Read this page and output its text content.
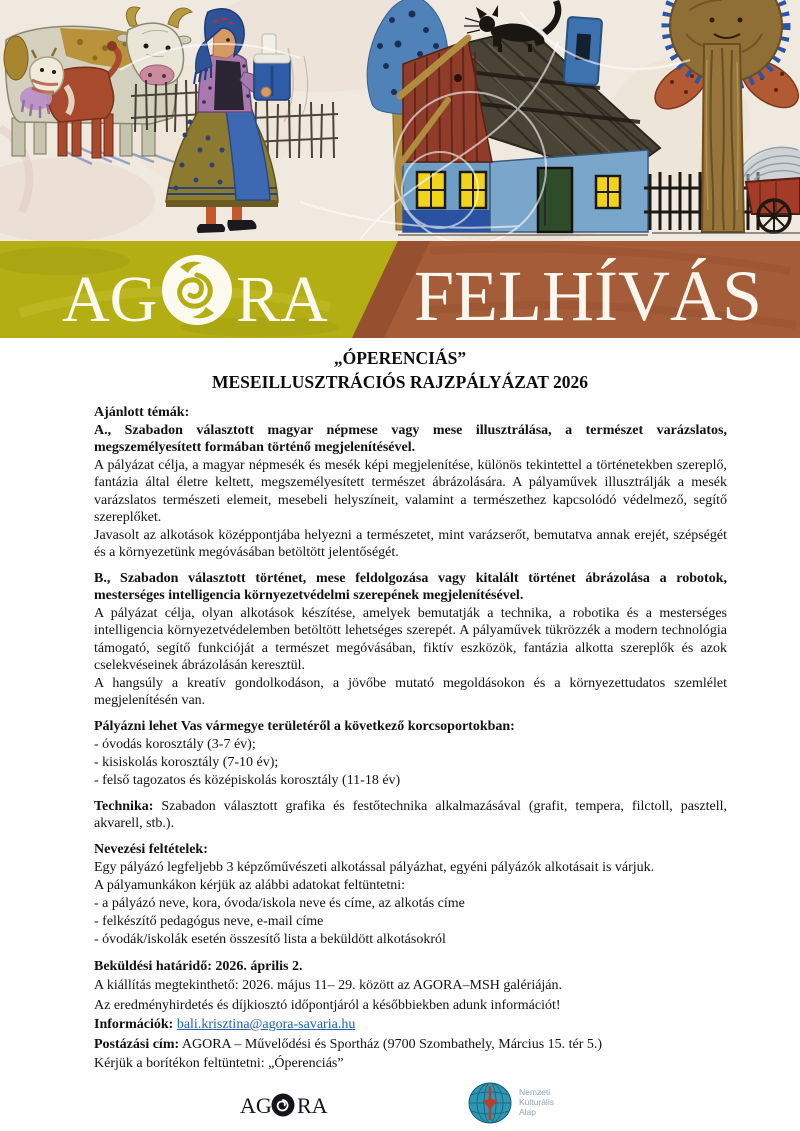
AG RA FELHÍVÁS
„ÓPERENCIÁS”
MESEILLUSZTRÁCIÓS RAJZPÁLYÁZAT 2026

Ajánlott témák:

A., Szabadon választott magyar népmese vagy mese illusztrálása, a természet varázslatos, megszemélyesített formában történő megjelenítésével.

A pályázat célja, a magyar népmesék és mesék képi megjelenítése, különös tekintettel a történetekben szereplő, fantázia által életre keltett, megszemélyesített természet ábrázolására. A pályaművek illusztrálják a mesék varázslatos természeti elemeit, mesebeli helyszíneit, valamint a természethez kapcsolódó védelmező, segítő szereplőket.

Javasolt az alkotások középpontjába helyezni a természetet, mint varázserőt, bemutatva annak erejét, szépségét és a környezetünk megóvásában betöltött jelentőségét.

B., Szabadon választott történet, mese feldolgozása vagy kitalált történet ábrázolása a robotok, mesterséges intelligencia környezetvédelmi szerepének megjelenítésével.

A pályázat célja, olyan alkotások készítése, amelyek bemutatják a technika, a robotika és a mesterséges intelligencia környezetvédelemben betöltött lehetséges szerepét. A pályaművek tükrözzék a modern technológia támogató, segítő funkcióját a természet megóvásában, fiktív eszközök, fantázia alkotta szereplők és azok cselekvéseinek ábrázolásán keresztül.

A hangsúly a kreatív gondolkodáson, a jövőbe mutató megoldásokon és a környezettudatos szemlélet megjelenítésén van.

Pályázni lehet Vas vármegye területéről a következő korcsoportokban:

- óvodás korosztály (3-7 év);

- kisiskolás korosztály (7-10 év);

- felső tagozatos és középiskolás korosztály (11-18 év)

Technika: Szabadon választott grafika és festőtechnika alkalmazásával (grafit, tempera, filctoll, pasztell, akvarell, stb.).

Nevezési feltételek:

Egy pályázó legfeljebb 3 képzőművészeti alkotással pályázhat, egyéni pályázók alkotásait is várjuk.

A pályamunkákon kérjük az alábbi adatokat feltüntetni:

- a pályázó neve, kora, óvoda/iskola neve és címe, az alkotás címe

- felkészítő pedagógus neve, e-mail címe

- óvodák/iskolák esetén összesítő lista a beküldött alkotásokról

Beküldési határidő: 2026. április 2.

A kiállítás megtekinthető: 2026. május 11– 29. között az AGORA–MSH galériáján.

Az eredményhirdetés és díjkiosztó időpontjáról a későbbiekben adunk információt!

Információk: bali.krisztina@agora-savaria.hu

Postázási cím: AGORA – Művelődési és Sportház (9700 Szombathely, Március 15. tér 5.)

Kérjük a borítékon feltüntetni: „Óperenciás”

AG RA
Nemzeti
Kulturális
Alap
